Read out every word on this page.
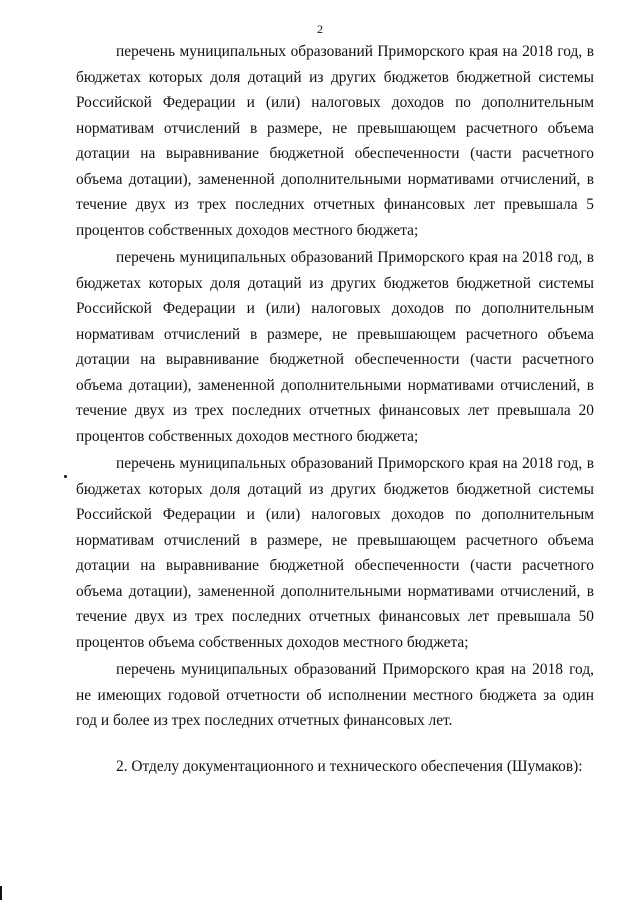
2

перечень муниципальных образований Приморского края на 2018 год, в бюджетах которых доля дотаций из других бюджетов бюджетной системы Российской Федерации и (или) налоговых доходов по дополнительным нормативам отчислений в размере, не превышающем расчетного объема дотации на выравнивание бюджетной обеспеченности (части расчетного объема дотации), замененной дополнительными нормативами отчислений, в течение двух из трех последних отчетных финансовых лет превышала 5 процентов собственных доходов местного бюджета;

перечень муниципальных образований Приморского края на 2018 год, в бюджетах которых доля дотаций из других бюджетов бюджетной системы Российской Федерации и (или) налоговых доходов по дополнительным нормативам отчислений в размере, не превышающем расчетного объема дотации на выравнивание бюджетной обеспеченности (части расчетного объема дотации), замененной дополнительными нормативами отчислений, в течение двух из трех последних отчетных финансовых лет превышала 20 процентов собственных доходов местного бюджета;

перечень муниципальных образований Приморского края на 2018 год, в бюджетах которых доля дотаций из других бюджетов бюджетной системы Российской Федерации и (или) налоговых доходов по дополнительным нормативам отчислений в размере, не превышающем расчетного объема дотации на выравнивание бюджетной обеспеченности (части расчетного объема дотации), замененной дополнительными нормативами отчислений, в течение двух из трех последних отчетных финансовых лет превышала 50 процентов объема собственных доходов местного бюджета;

перечень муниципальных образований Приморского края на 2018 год, не имеющих годовой отчетности об исполнении местного бюджета за один год и более из трех последних отчетных финансовых лет.

2. Отделу документационного и технического обеспечения (Шумаков):
